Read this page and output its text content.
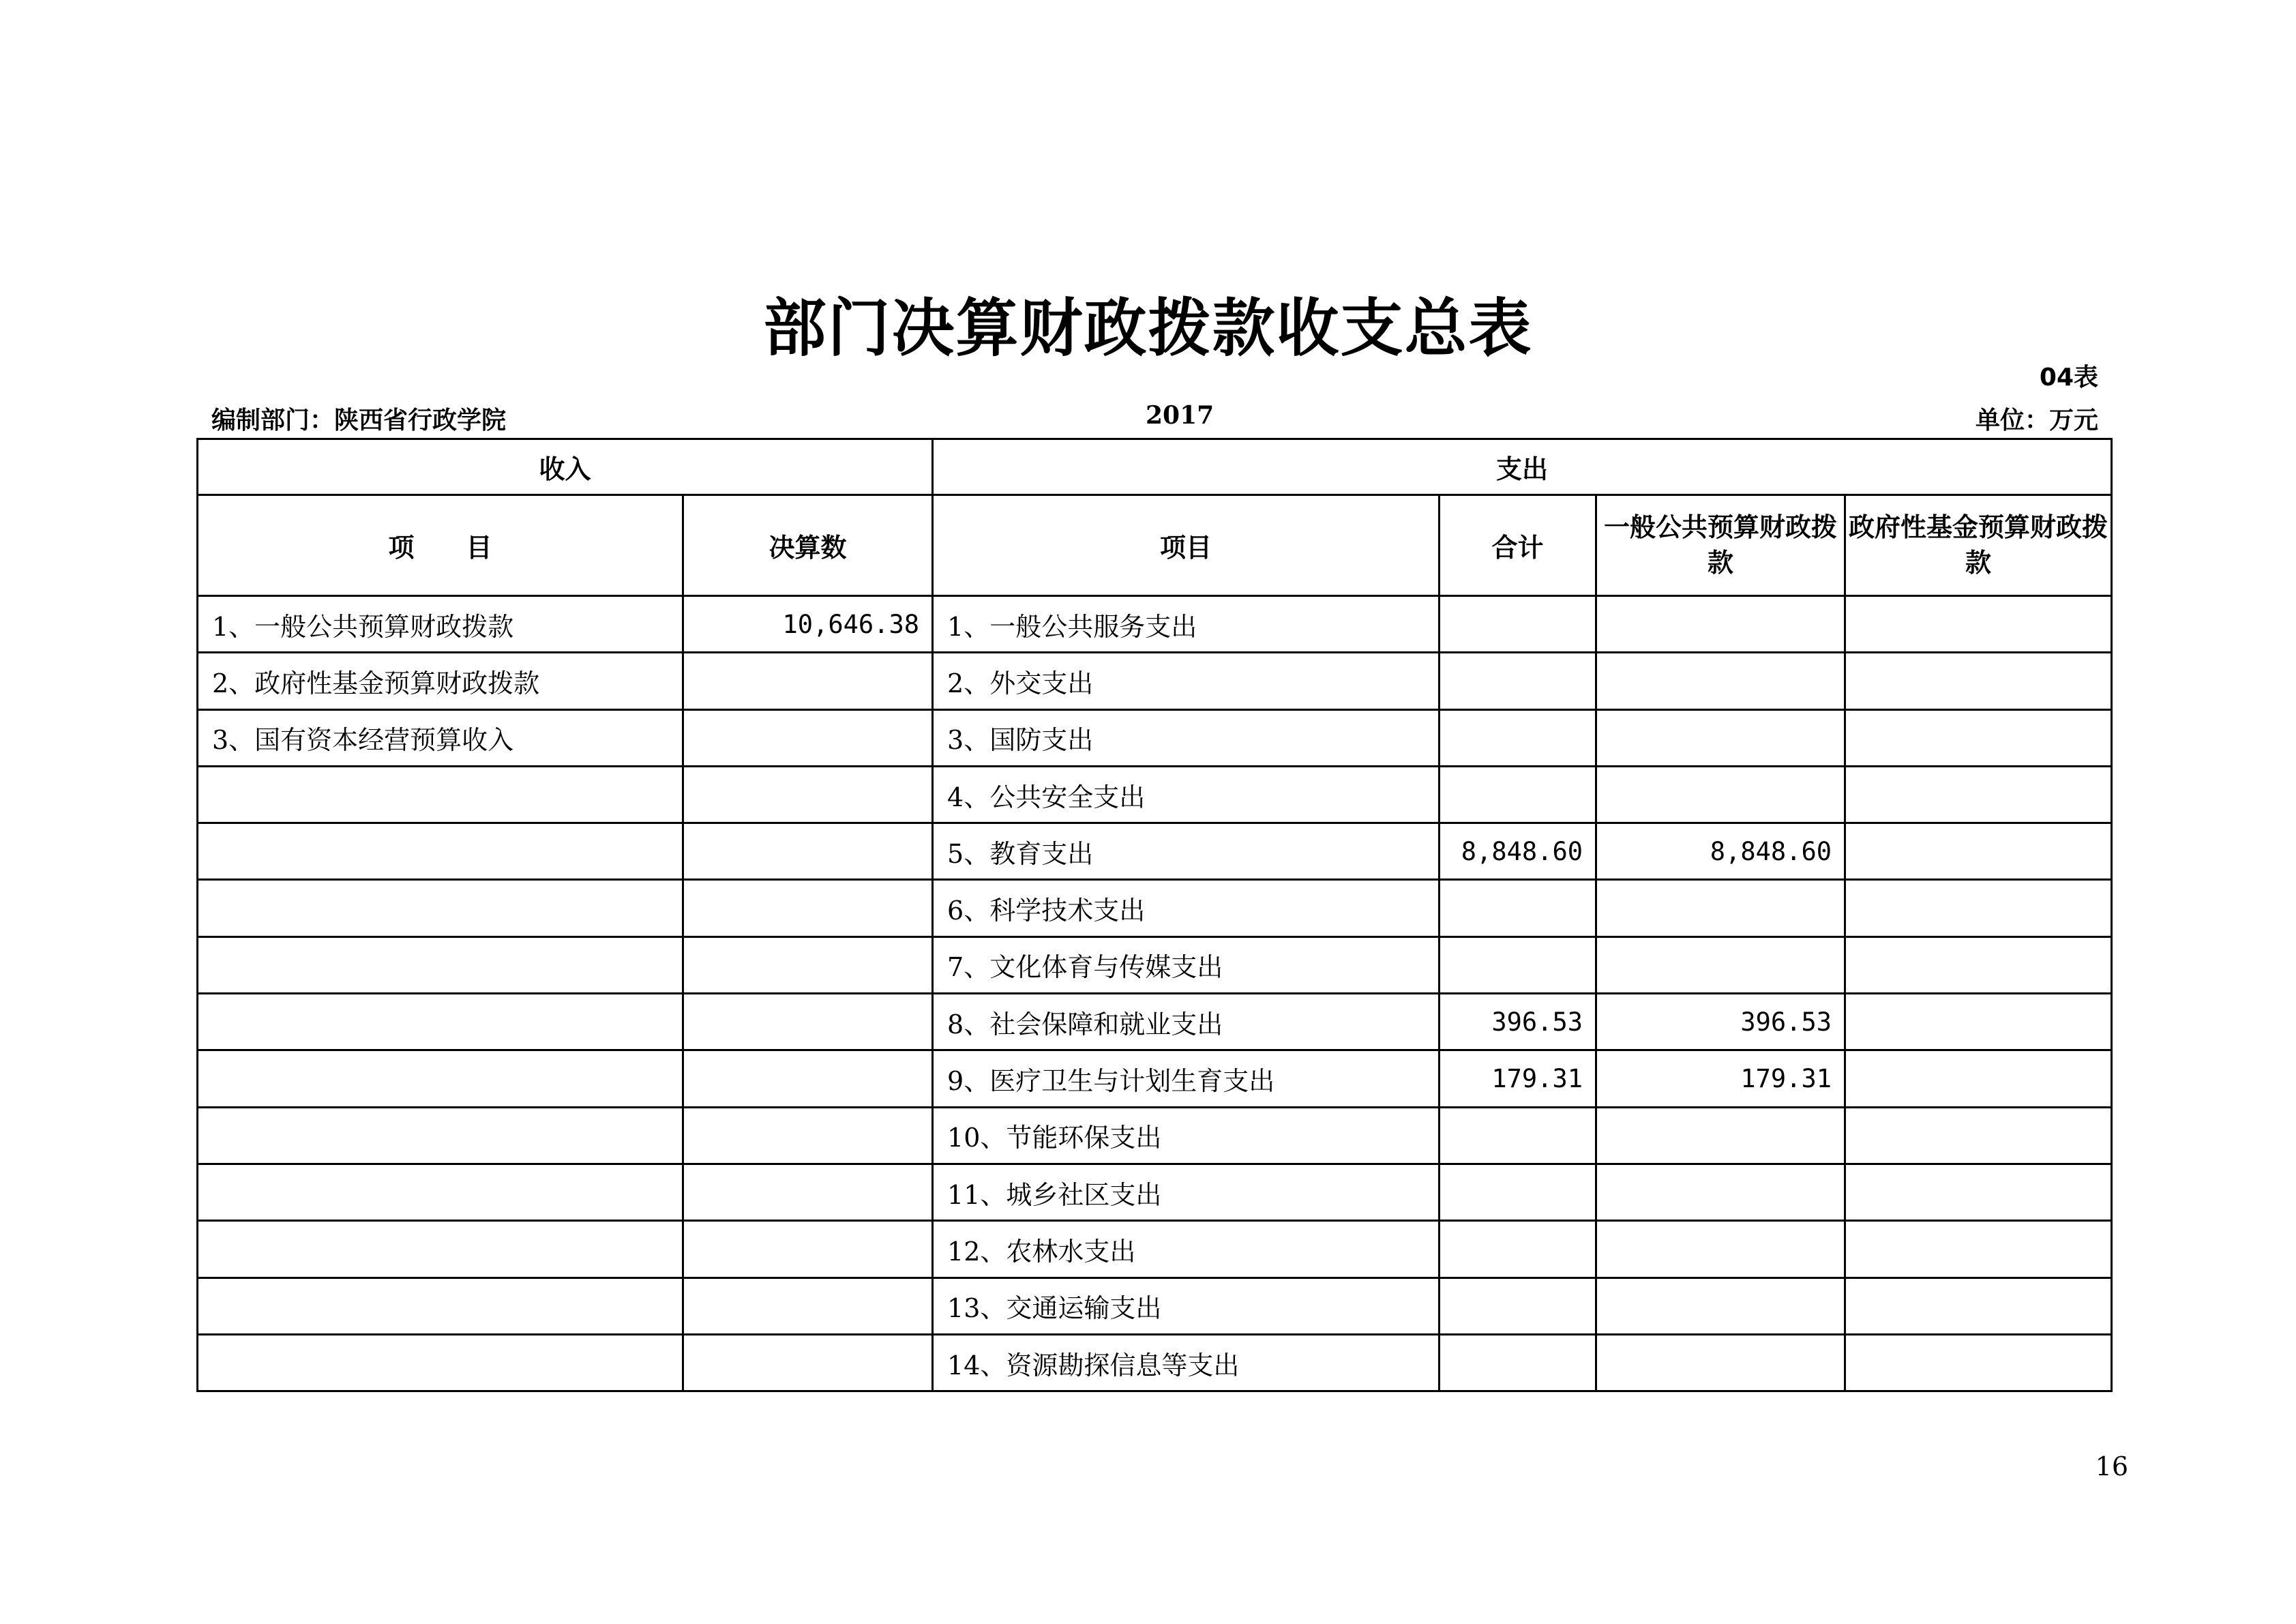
部门决算财政拨款收支总表
04表
编制部门：陕西省行政学院	2017	单位：万元
收入		支出			
项　　目	决算数	项目	合计	一般公共预算财政拨款	政府性基金预算财政拨款
1、一般公共预算财政拨款	10,646.38	1、一般公共服务支出			
2、政府性基金预算财政拨款		2、外交支出			
3、国有资本经营预算收入		3、国防支出			
		4、公共安全支出			
		5、教育支出	8,848.60	8,848.60	
		6、科学技术支出			
		7、文化体育与传媒支出			
		8、社会保障和就业支出	396.53	396.53	
		9、医疗卫生与计划生育支出	179.31	179.31	
		10、节能环保支出			
		11、城乡社区支出			
		12、农林水支出			
		13、交通运输支出			
		14、资源勘探信息等支出			
16
